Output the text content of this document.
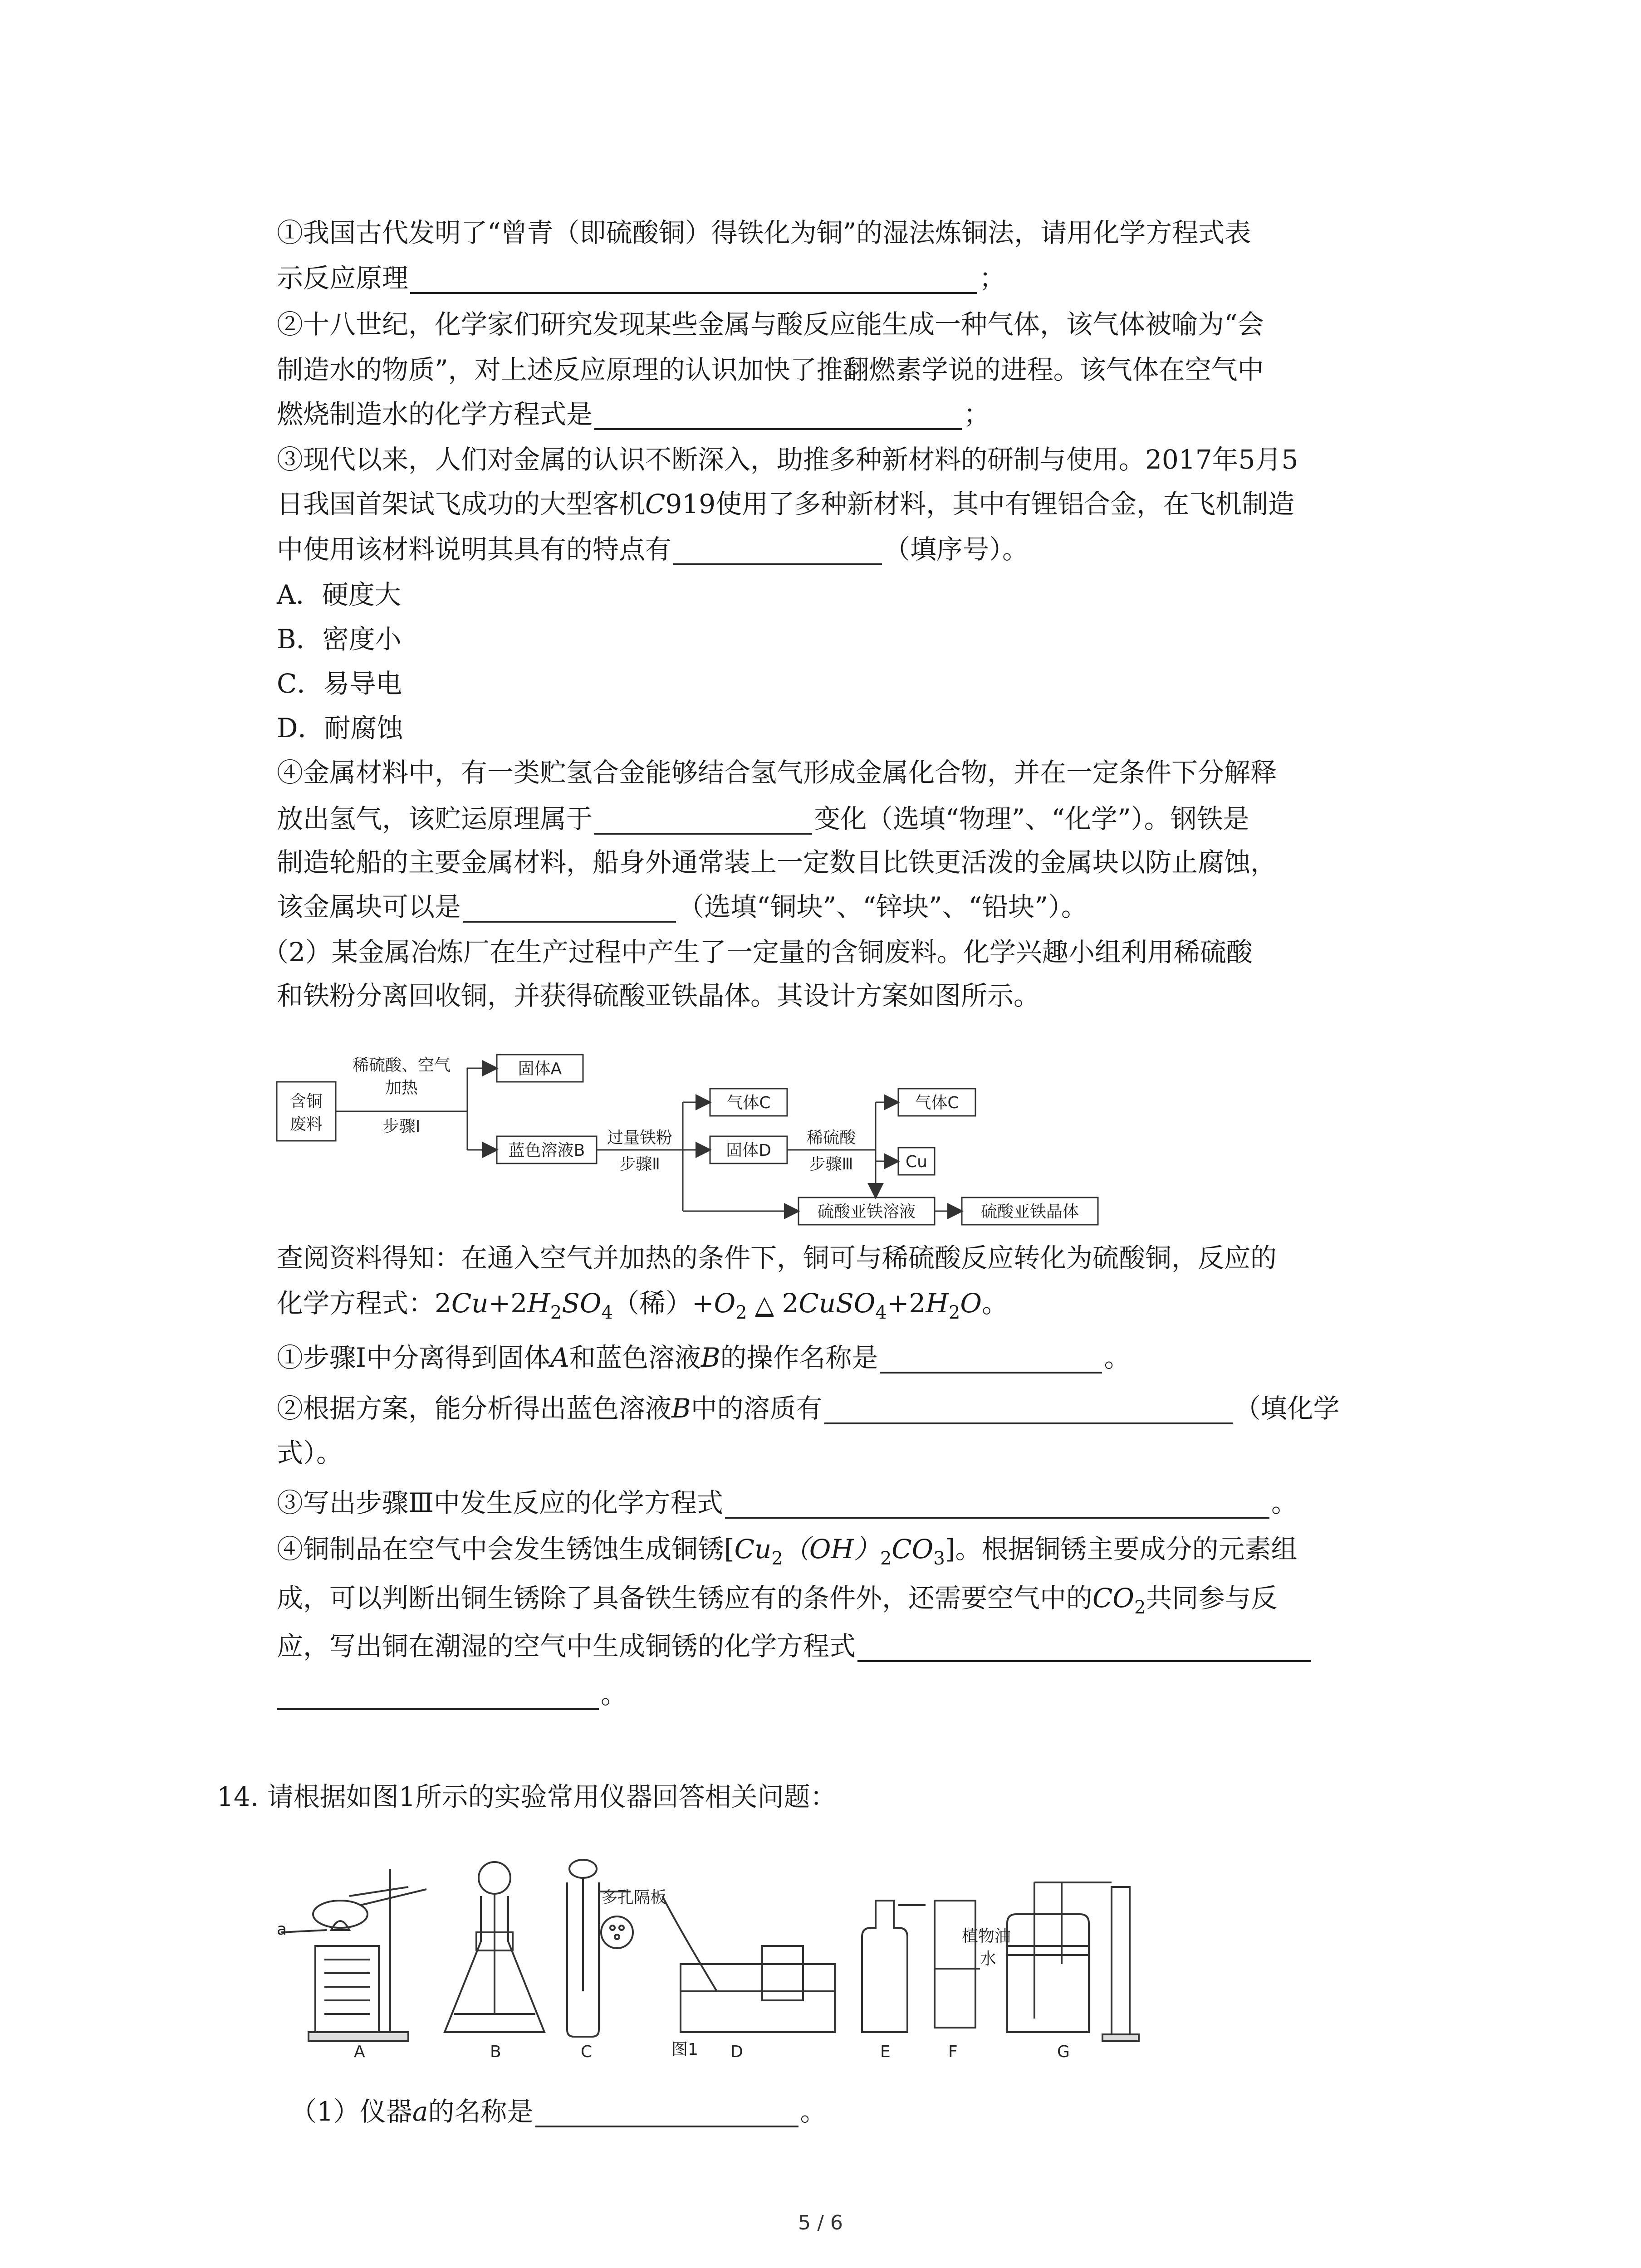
①我国古代发明了“曾青（即硫酸铜）得铁化为铜”的湿法炼铜法，请用化学方程式表
示反应原理	；
②十八世纪，化学家们研究发现某些金属与酸反应能生成一种气体，该气体被喻为“会
制造水的物质”，对上述反应原理的认识加快了推翻燃素学说的进程。该气体在空气中
燃烧制造水的化学方程式是	；
③现代以来，人们对金属的认识不断深入，助推多种新材料的研制与使用。2017年5月5
日我国首架试飞成功的大型客机C919使用了多种新材料，其中有锂铝合金，在飞机制造
中使用该材料说明其具有的特点有	（填序号）。
A．硬度大
B．密度小
C．易导电
D．耐腐蚀
④金属材料中，有一类贮氢合金能够结合氢气形成金属化合物，并在一定条件下分解释
放出氢气，该贮运原理属于	变化（选填“物理”、“化学”）。钢铁是
制造轮船的主要金属材料，船身外通常装上一定数目比铁更活泼的金属块以防止腐蚀，
该金属块可以是	（选填“铜块”、“锌块”、“铅块”）。
（2）某金属冶炼厂在生产过程中产生了一定量的含铜废料。化学兴趣小组利用稀硫酸
和铁粉分离回收铜，并获得硫酸亚铁晶体。其设计方案如图所示。
含铜
废料
稀硫酸、空气
加热
步骤Ⅰ
固体A
蓝色溶液B
过量铁粉
步骤Ⅱ
气体C
固体D
稀硫酸
步骤Ⅲ
气体C
Cu
硫酸亚铁溶液	硫酸亚铁晶体
查阅资料得知：在通入空气并加热的条件下，铜可与稀硫酸反应转化为硫酸铜，反应的
化学方程式：$2Cu+2H_2SO_4$（稀）$+O_2$ △ $2CuSO_4+2H_2O$。
①步骤Ⅰ中分离得到固体A和蓝色溶液B的操作名称是	。
②根据方案，能分析得出蓝色溶液B中的溶质有	（填化学
式）。
③写出步骤Ⅲ中发生反应的化学方程式	。
④铜制品在空气中会发生锈蚀生成铜锈$[Cu_2(OH)_2CO_3]$。根据铜锈主要成分的元素组
成，可以判断出铜生锈除了具备铁生锈应有的条件外，还需要空气中的$CO_2$共同参与反
应，写出铜在潮湿的空气中生成铜锈的化学方程式
。
14. 请根据如图1所示的实验常用仪器回答相关问题：
a
A	B	C	D	E	F	G
多孔隔板
植物油
水
图1
（1）仪器a的名称是	。
5 / 6
